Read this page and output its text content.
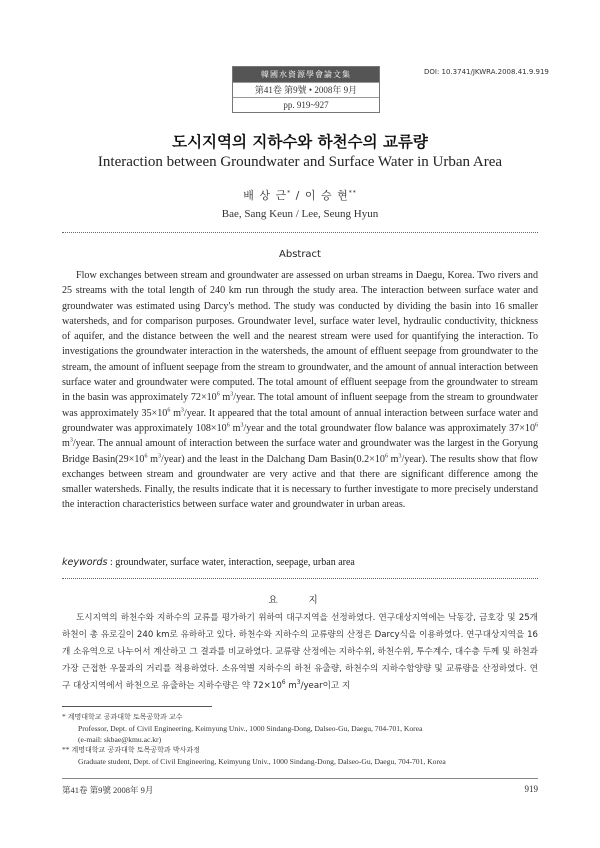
韓國水資源學會論文集
第41卷 第9號 • 2008年 9月
pp. 919~927
DOI: 10.3741/JKWRA.2008.41.9.919
도시지역의 지하수와 하천수의 교류량
Interaction between Groundwater and Surface Water in Urban Area
배 상 근* / 이 승 현**
Bae, Sang Keun / Lee, Seung Hyun
Abstract

Flow exchanges between stream and groundwater are assessed on urban streams in Daegu, Korea. Two rivers and 25 streams with the total length of 240 km run through the study area. The interaction between surface water and groundwater was estimated using Darcy's method. The study was conducted by dividing the basin into 16 smaller watersheds, and for comparison purposes. Groundwater level, surface water level, hydraulic conductivity, thickness of aquifer, and the distance between the well and the nearest stream were used for quantifying the interaction. To investigations the groundwater interaction in the watersheds, the amount of effluent seepage from groundwater to the stream, the amount of influent seepage from the stream to groundwater, and the amount of annual interaction between surface water and groundwater were computed. The total amount of effluent seepage from the groundwater to stream in the basin was approximately $72\times 10^6$ $m^3$/year. The total amount of influent seepage from the stream to groundwater was approximately $35\times 10^6$ $m^3$/year. It appeared that the total amount of annual interaction between surface water and groundwater was approximately $108\times 10^6$ $m^3$/year and the total groundwater flow balance was approximately $37\times 10^6$ $m^3$/year. The annual amount of interaction between the surface water and groundwater was the largest in the Goryung Bridge $Basin(29\times 10^6$ $m^3/year$) and the least in the Dalchang Dam $Basin(0.2\times 10^6$ $m^3/year$). The results show that flow exchanges between stream and groundwater are very active and that there are significant difference among the smaller watersheds. Finally, the results indicate that it is necessary to further investigate to more precisely understand the interaction characteristics between surface water and groundwater in urban areas.

keywords : groundwater, surface water, interaction, seepage, urban area
요 지

도시지역의 하천수와 지하수의 교류를 평가하기 위하여 대구지역을 선정하였다. 연구대상지역에는 낙동강, 금호강 및 25개 하천이 총 유로길이 240 km로 유하하고 있다. 하천수와 지하수의 교류량의 산정은 Darcy식을 이용하였다. 연구대상지역을 16개 소유역으로 나누어서 계산하고 그 결과를 비교하였다. 교류량 산정에는 지하수위, 하천수위, 투수계수, 대수층 두께 및 하천과 가장 근접한 우물과의 거리를 적용하였다. 소유역별 지하수의 하천 유출량, 하천수의 지하수함양량 및 교류량을 산정하였다. 연구 대상지역에서 하천으로 유출하는 지하수량은 약 $72\times 10^6$ $m^3$/year이고 지

* 계명대학교 공과대학 토목공학과 교수
Professor, Dept. of Civil Engineering, Keimyung Univ., 1000 Sindang-Dong, Dalseo-Gu, Daegu, 704-701, Korea
(e-mail: skbae@kmu.ac.kr)
** 계명대학교 공과대학 토목공학과 박사과정
Graduate student, Dept. of Civil Engineering, Keimyung Univ., 1000 Sindang-Dong, Dalseo-Gu, Daegu, 704-701, Korea
第41卷 第9號 2008年 9月	919
